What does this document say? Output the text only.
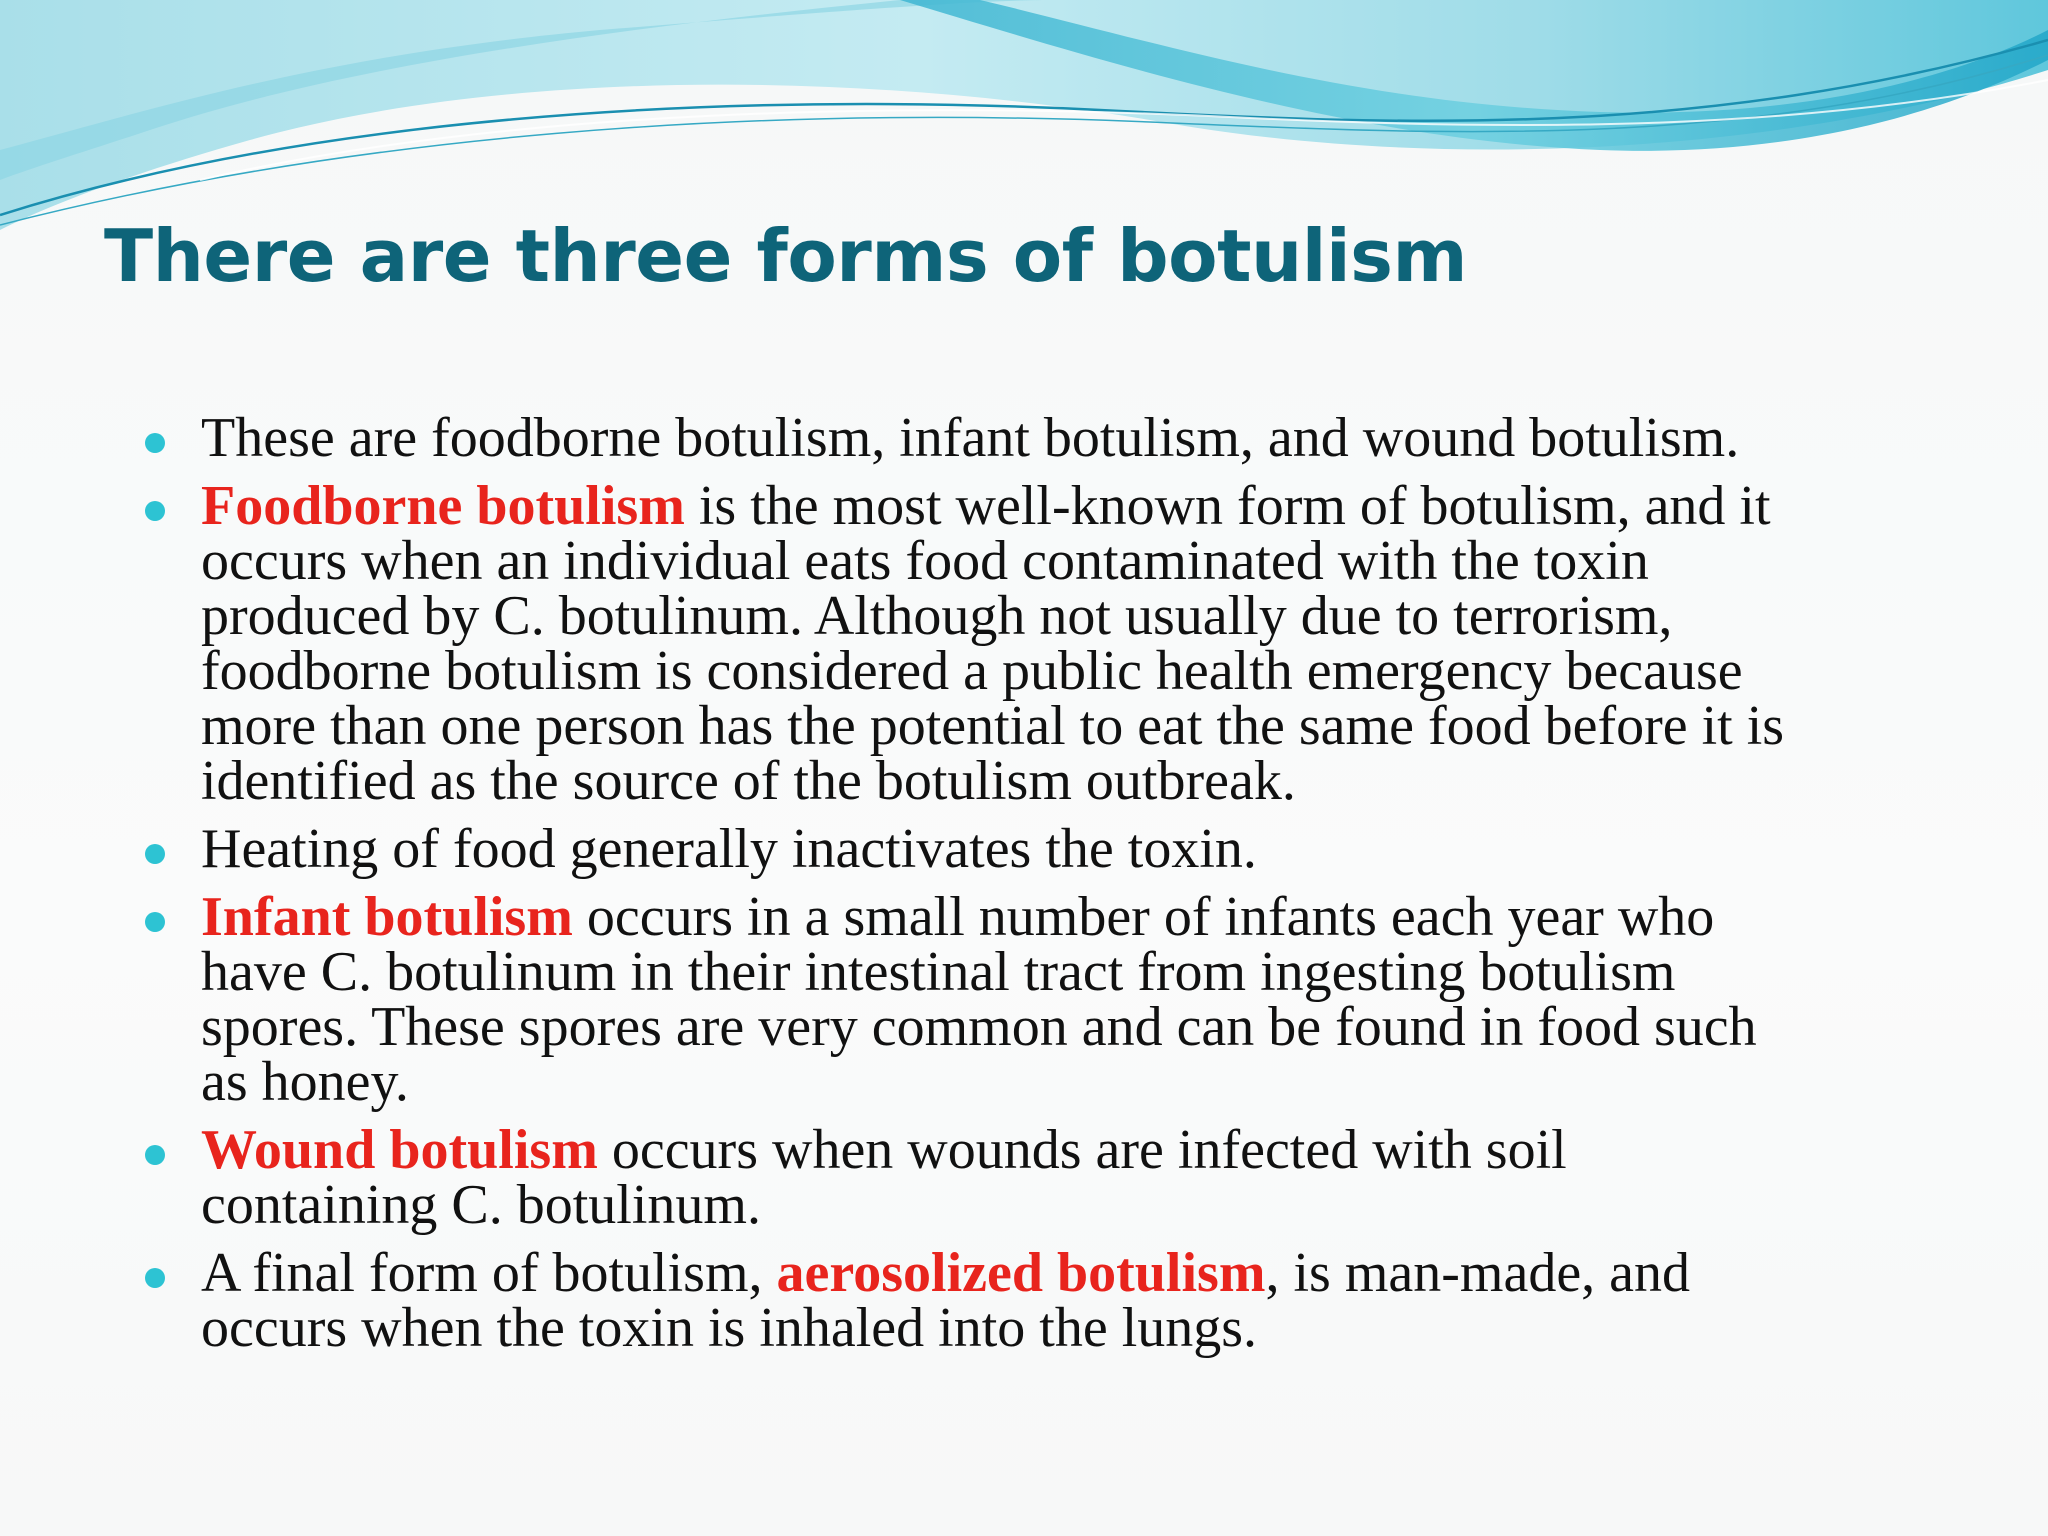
There are three forms of botulism
These are foodborne botulism, infant botulism, and wound botulism.
Foodborne botulism is the most well-known form of botulism, and it
occurs when an individual eats food contaminated with the toxin
produced by C. botulinum. Although not usually due to terrorism,
foodborne botulism is considered a public health emergency because
more than one person has the potential to eat the same food before it is
identified as the source of the botulism outbreak.
Heating of food generally inactivates the toxin.
Infant botulism occurs in a small number of infants each year who
have C. botulinum in their intestinal tract from ingesting botulism
spores. These spores are very common and can be found in food such
as honey.
Wound botulism occurs when wounds are infected with soil
containing C. botulinum.
A final form of botulism, aerosolized botulism, is man-made, and
occurs when the toxin is inhaled into the lungs.
